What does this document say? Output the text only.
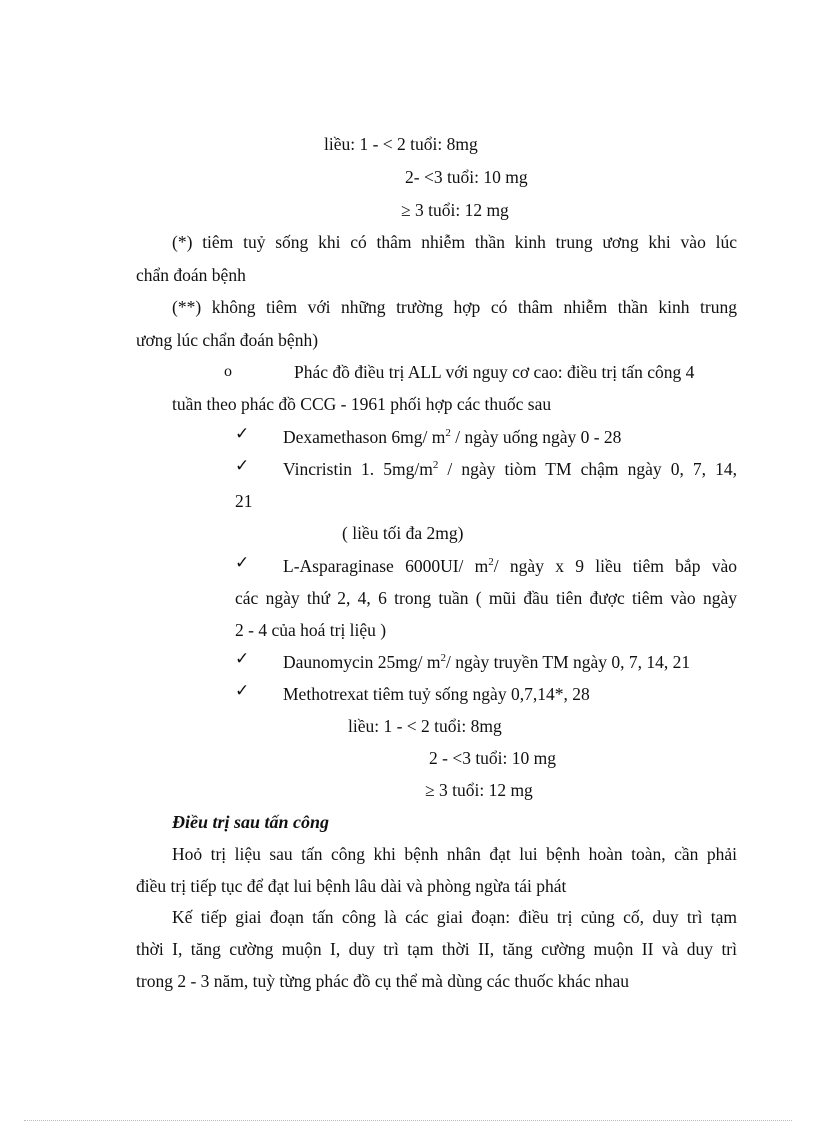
liều: 1 - < 2 tuổi: 8mg
2- <3 tuổi: 10 mg
≥ 3 tuổi: 12 mg
(*) tiêm tuỷ sống khi có thâm nhiễm thần kinh trung ương khi vào lúc
chẩn đoán bệnh
(**) không tiêm với những trường hợp có thâm nhiễm thần kinh trung
ương lúc chẩn đoán bệnh)
o	Phác đồ điều trị ALL với nguy cơ cao: điều trị tấn công 4
tuần theo phác đồ CCG - 1961 phối hợp các thuốc sau
✓ Dexamethason 6mg/ $m^2$ / ngày uống ngày 0 - 28
✓ Vincristin 1. $5mg/m^2$ / ngày tiòm TM chậm ngày 0, 7, 14,
21
( liều tối đa 2mg)
✓ L-Asparaginase 6000UI/ $m^2/$ ngày x 9 liều tiêm bắp vào
các ngày thứ 2, 4, 6 trong tuần ( mũi đầu tiên được tiêm vào ngày
2 - 4 của hoá trị liệu )
✓ Daunomycin 25mg/ $m^2/$ ngày truyền TM ngày 0, 7, 14, 21
✓ Methotrexat tiêm tuỷ sống ngày 0,7,14*, 28
liều: 1 - < 2 tuổi: 8mg
2 - <3 tuổi: 10 mg
≥ 3 tuổi: 12 mg
Điều trị sau tấn công
Hoỏ trị liệu sau tấn công khi bệnh nhân đạt lui bệnh hoàn toàn, cần phải
điều trị tiếp tục để đạt lui bệnh lâu dài và phòng ngừa tái phát
Kế tiếp giai đoạn tấn công là các giai đoạn: điều trị củng cố, duy trì tạm
thời I, tăng cường muộn I, duy trì tạm thời II, tăng cường muộn II và duy trì
trong 2 - 3 năm, tuỳ từng phác đồ cụ thể mà dùng các thuốc khác nhau
